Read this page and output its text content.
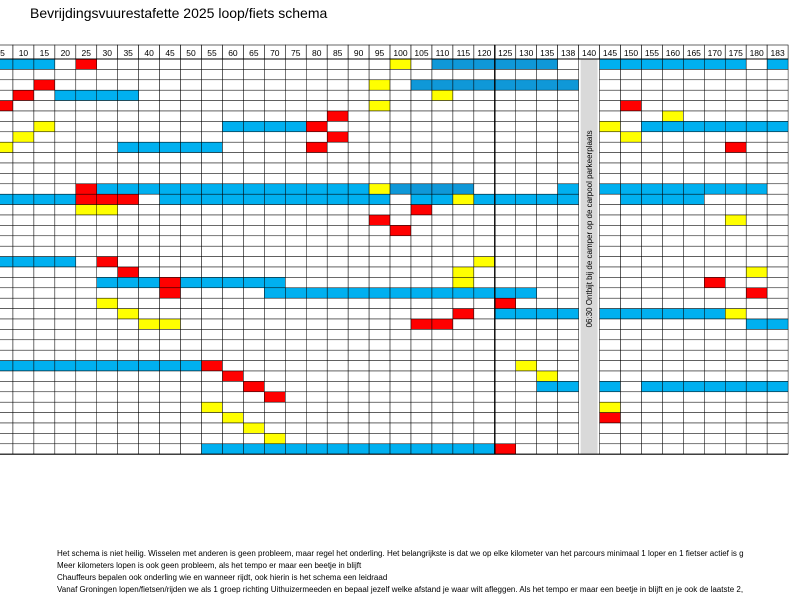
Bevrijdingsvuurestafette 2025 loop/fiets schema
5 10 15 20 25 30 35 40 45 50 55 60 65 70 75 80 85 90 95 100 105 110 115 120 125 130 135 138 140 145 150 155 160 165 170 175 180 183
06:30 Ontbijt bij de camper op de carpool parkeerplaats
Het schema is niet heilig. Wisselen met anderen is geen probleem, maar regel het onderling. Het belangrijkste is dat we op elke kilometer van het parcours minimaal 1 loper en 1 fietser actief is g
Meer kilometers lopen is ook geen probleem, als het tempo er maar een beetje in blijft
Chauffeurs bepalen ook onderling wie en wanneer rijdt, ook hierin is het schema een leidraad
Vanaf Groningen lopen/fietsen/rijden we als 1 groep richting Uithuizermeeden en bepaal jezelf welke afstand je waar wilt afleggen. Als het tempo er maar een beetje in blijft en je ook de laatste 2,
